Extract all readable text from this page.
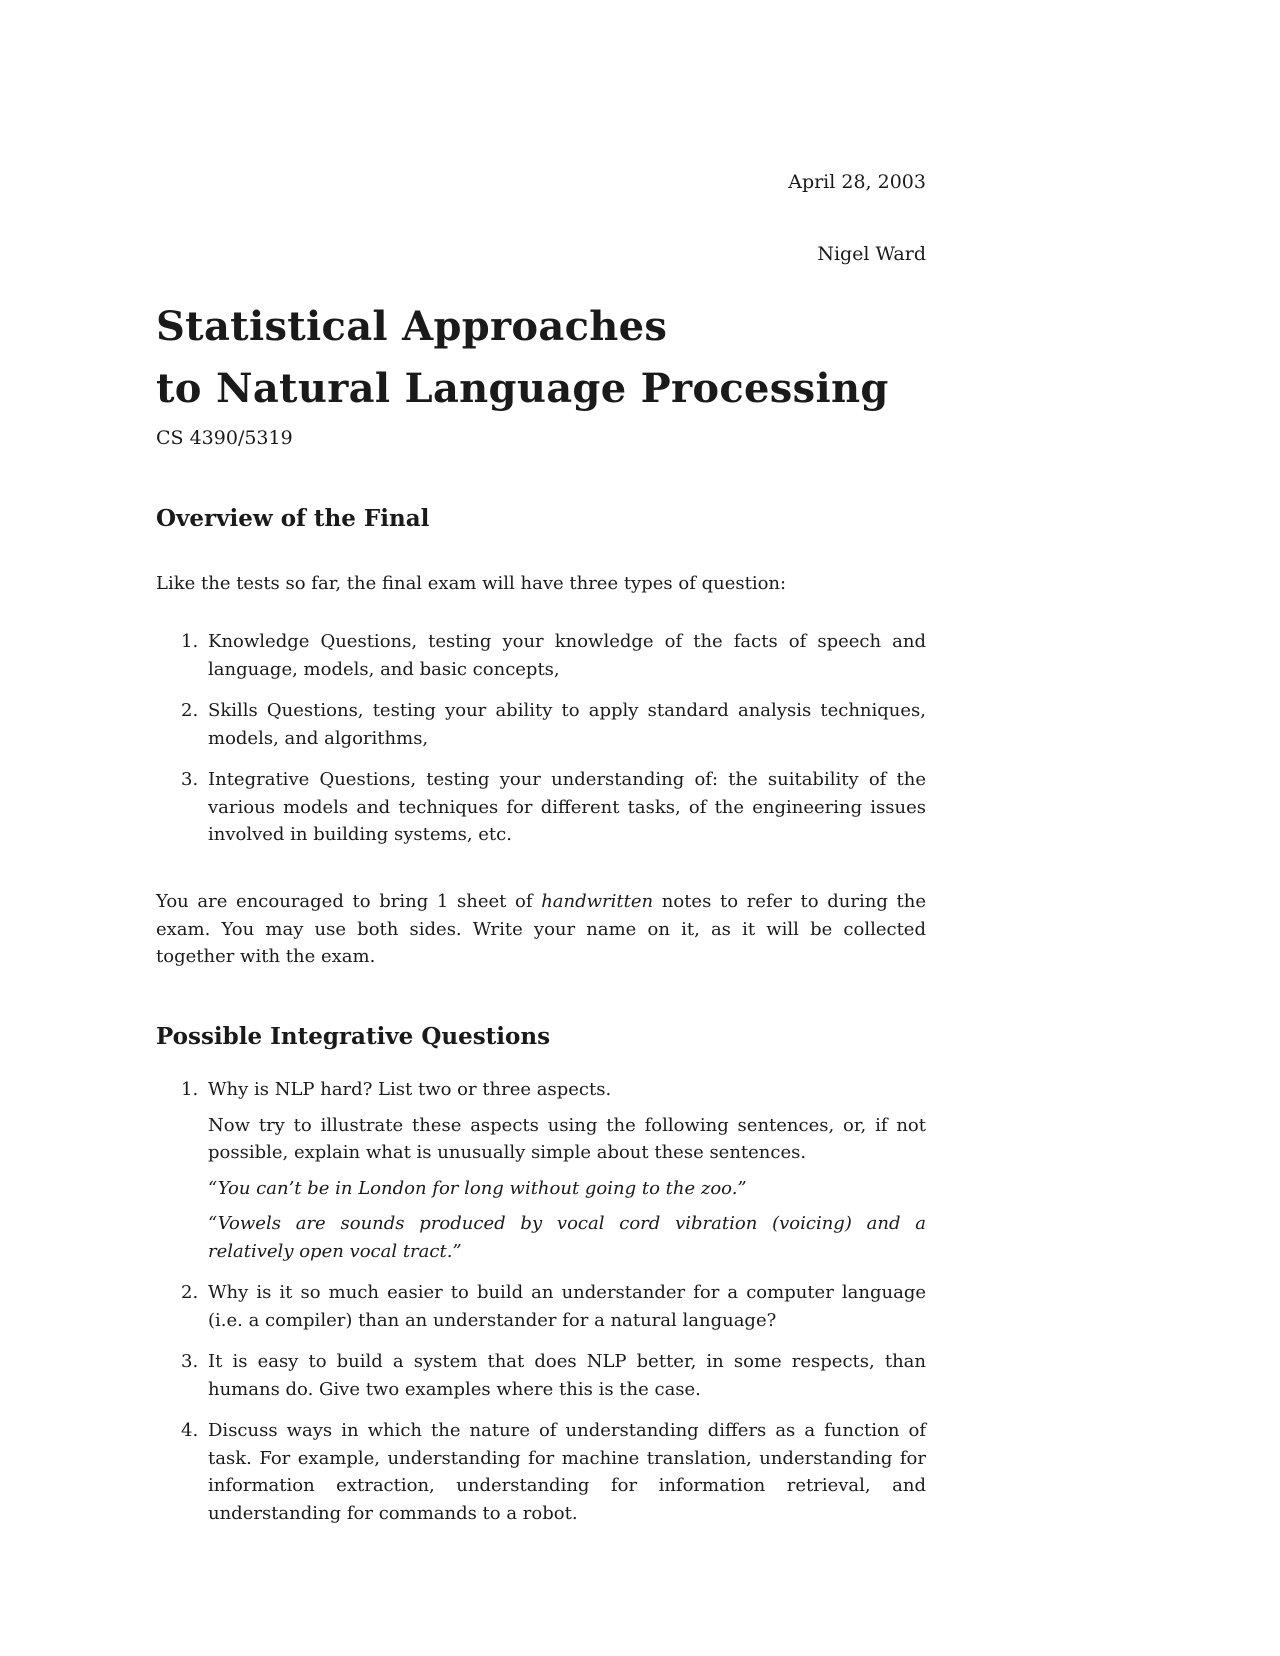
April 28, 2003
Nigel Ward
Statistical Approaches
to Natural Language Processing
CS 4390/5319
Overview of the Final

Like the tests so far, the final exam will have three types of question:

1. Knowledge Questions, testing your knowledge of the facts of speech and language, models, and basic concepts,
2. Skills Questions, testing your ability to apply standard analysis techniques, models, and algorithms,
3. Integrative Questions, testing your understanding of: the suitability of the various models and techniques for different tasks, of the engineering issues involved in building systems, etc.

You are encouraged to bring 1 sheet of handwritten notes to refer to during the exam. You may use both sides. Write your name on it, as it will be collected together with the exam.

Possible Integrative Questions
1. Why is NLP hard? List two or three aspects.
Now try to illustrate these aspects using the following sentences, or, if not possible, explain what is unusually simple about these sentences.
“You can’t be in London for long without going to the zoo.”
“Vowels are sounds produced by vocal cord vibration (voicing) and a relatively open vocal tract.”
2. Why is it so much easier to build an understander for a computer language (i.e. a compiler) than an understander for a natural language?
3. It is easy to build a system that does NLP better, in some respects, than humans do. Give two examples where this is the case.
4. Discuss ways in which the nature of understanding differs as a function of task. For example, understanding for machine translation, understanding for information extraction, understanding for information retrieval, and understanding for commands to a robot.
